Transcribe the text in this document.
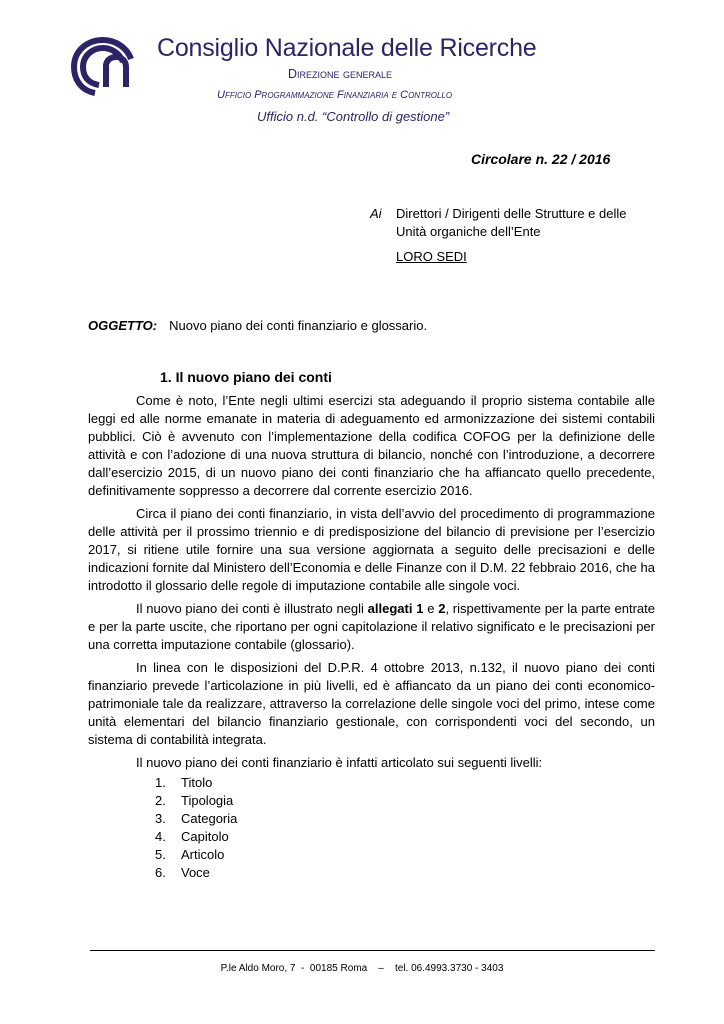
Consiglio Nazionale delle Ricerche
Direzione generale
Ufficio Programmazione Finanziaria e Controllo
Ufficio n.d. “Controllo di gestione”
Circolare n. 22 / 2016
Ai Direttori / Dirigenti delle Strutture e delle Unità organiche dell’Ente
LORO SEDI
OGGETTO: Nuovo piano dei conti finanziario e glossario.
1. Il nuovo piano dei conti

Come è noto, l’Ente negli ultimi esercizi sta adeguando il proprio sistema contabile alle leggi ed alle norme emanate in materia di adeguamento ed armonizzazione dei sistemi contabili pubblici. Ciò è avvenuto con l’implementazione della codifica COFOG per la definizione delle attività e con l’adozione di una nuova struttura di bilancio, nonché con l’introduzione, a decorrere dall’esercizio 2015, di un nuovo piano dei conti finanziario che ha affiancato quello precedente, definitivamente soppresso a decorrere dal corrente esercizio 2016.

Circa il piano dei conti finanziario, in vista dell’avvio del procedimento di programmazione delle attività per il prossimo triennio e di predisposizione del bilancio di previsione per l’esercizio 2017, si ritiene utile fornire una sua versione aggiornata a seguito delle precisazioni e delle indicazioni fornite dal Ministero dell’Economia e delle Finanze con il D.M. 22 febbraio 2016, che ha introdotto il glossario delle regole di imputazione contabile alle singole voci.

Il nuovo piano dei conti è illustrato negli allegati 1 e 2, rispettivamente per la parte entrate e per la parte uscite, che riportano per ogni capitolazione il relativo significato e le precisazioni per una corretta imputazione contabile (glossario).

In linea con le disposizioni del D.P.R. 4 ottobre 2013, n.132, il nuovo piano dei conti finanziario prevede l’articolazione in più livelli, ed è affiancato da un piano dei conti economico-patrimoniale tale da realizzare, attraverso la correlazione delle singole voci del primo, intese come unità elementari del bilancio finanziario gestionale, con corrispondenti voci del secondo, un sistema di contabilità integrata.

Il nuovo piano dei conti finanziario è infatti articolato sui seguenti livelli:

1.	Titolo
2.	Tipologia
3.	Categoria
4.	Capitolo
5.	Articolo
6.	Voce
P.le Aldo Moro, 7  -  00185 Roma    –    tel. 06.4993.3730 - 3403
